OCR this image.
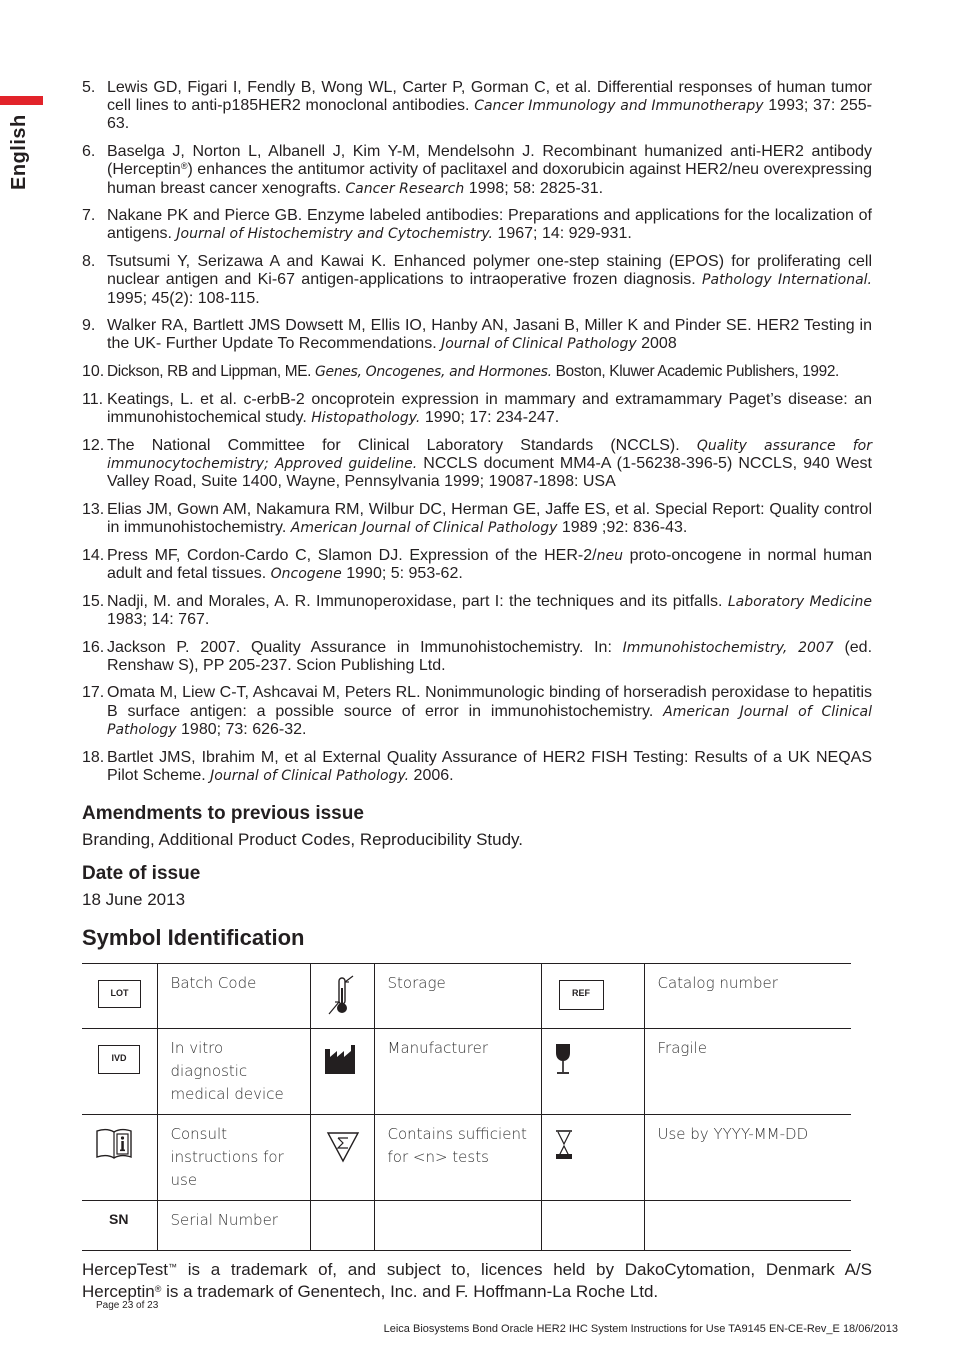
English
5. Lewis GD, Figari I, Fendly B, Wong WL, Carter P, Gorman C, et al. Differential responses of human tumor cell lines to anti-p185HER2 monoclonal antibodies. Cancer Immunology and Immunotherapy 1993; 37: 255-63.
6. Baselga J, Norton L, Albanell J, Kim Y-M, Mendelsohn J. Recombinant humanized anti-HER2 antibody (Herceptin®) enhances the antitumor activity of paclitaxel and doxorubicin against HER2/neu overexpressing human breast cancer xenografts. Cancer Research 1998; 58: 2825-31.
7. Nakane PK and Pierce GB. Enzyme labeled antibodies: Preparations and applications for the localization of antigens. Journal of Histochemistry and Cytochemistry. 1967; 14: 929-931.
8. Tsutsumi Y, Serizawa A and Kawai K. Enhanced polymer one-step staining (EPOS) for proliferating cell nuclear antigen and Ki-67 antigen-applications to intraoperative frozen diagnosis. Pathology International. 1995; 45(2): 108-115.
9. Walker RA, Bartlett JMS Dowsett M, Ellis IO, Hanby AN, Jasani B, Miller K and Pinder SE. HER2 Testing in the UK- Further Update To Recommendations. Journal of Clinical Pathology 2008
10. Dickson, RB and Lippman, ME. Genes, Oncogenes, and Hormones. Boston, Kluwer Academic Publishers, 1992.
11. Keatings, L. et al. c-erbB-2 oncoprotein expression in mammary and extramammary Paget’s disease: an immunohistochemical study. Histopathology. 1990; 17: 234-247.
12. The National Committee for Clinical Laboratory Standards (NCCLS). Quality assurance for immunocytochemistry; Approved guideline. NCCLS document MM4-A (1-56238-396-5) NCCLS, 940 West Valley Road, Suite 1400, Wayne, Pennsylvania 1999; 19087-1898: USA
13. Elias JM, Gown AM, Nakamura RM, Wilbur DC, Herman GE, Jaffe ES, et al. Special Report: Quality control in immunohistochemistry. American Journal of Clinical Pathology 1989 ;92: 836-43.
14. Press MF, Cordon-Cardo C, Slamon DJ. Expression of the HER-2/neu proto-oncogene in normal human adult and fetal tissues. Oncogene 1990; 5: 953-62.
15. Nadji, M. and Morales, A. R. Immunoperoxidase, part I: the techniques and its pitfalls. Laboratory Medicine 1983; 14: 767.
16. Jackson P. 2007. Quality Assurance in Immunohistochemistry. In: Immunohistochemistry, 2007 (ed. Renshaw S), PP 205-237. Scion Publishing Ltd.
17. Omata M, Liew C-T, Ashcavai M, Peters RL. Nonimmunologic binding of horseradish peroxidase to hepatitis B surface antigen: a possible source of error in immunohistochemistry. American Journal of Clinical Pathology 1980; 73: 626-32.
18. Bartlet JMS, Ibrahim M, et al External Quality Assurance of HER2 FISH Testing: Results of a UK NEQAS Pilot Scheme. Journal of Clinical Pathology. 2006.
Amendments to previous issue

Branding, Additional Product Codes, Reproducibility Study.

Date of issue

18 June 2013

Symbol Identification
LOT	Batch Code		Storage	REF	Catalog number

IVD	In vitro diagnostic medical device		Manufacturer		Fragile

	Consult instructions for use		Contains sufficient for <n> tests		Use by YYYY-MM-DD

SN	Serial Number				

HercepTest™ is a trademark of, and subject to, licences held by DakoCytomation, Denmark A/S
Herceptin® is a trademark of Genentech, Inc. and F. Hoffmann-La Roche Ltd.

Page 23 of 23
Leica Biosystems Bond Oracle HER2 IHC System Instructions for Use TA9145 EN-CE-Rev_E 18/06/2013
